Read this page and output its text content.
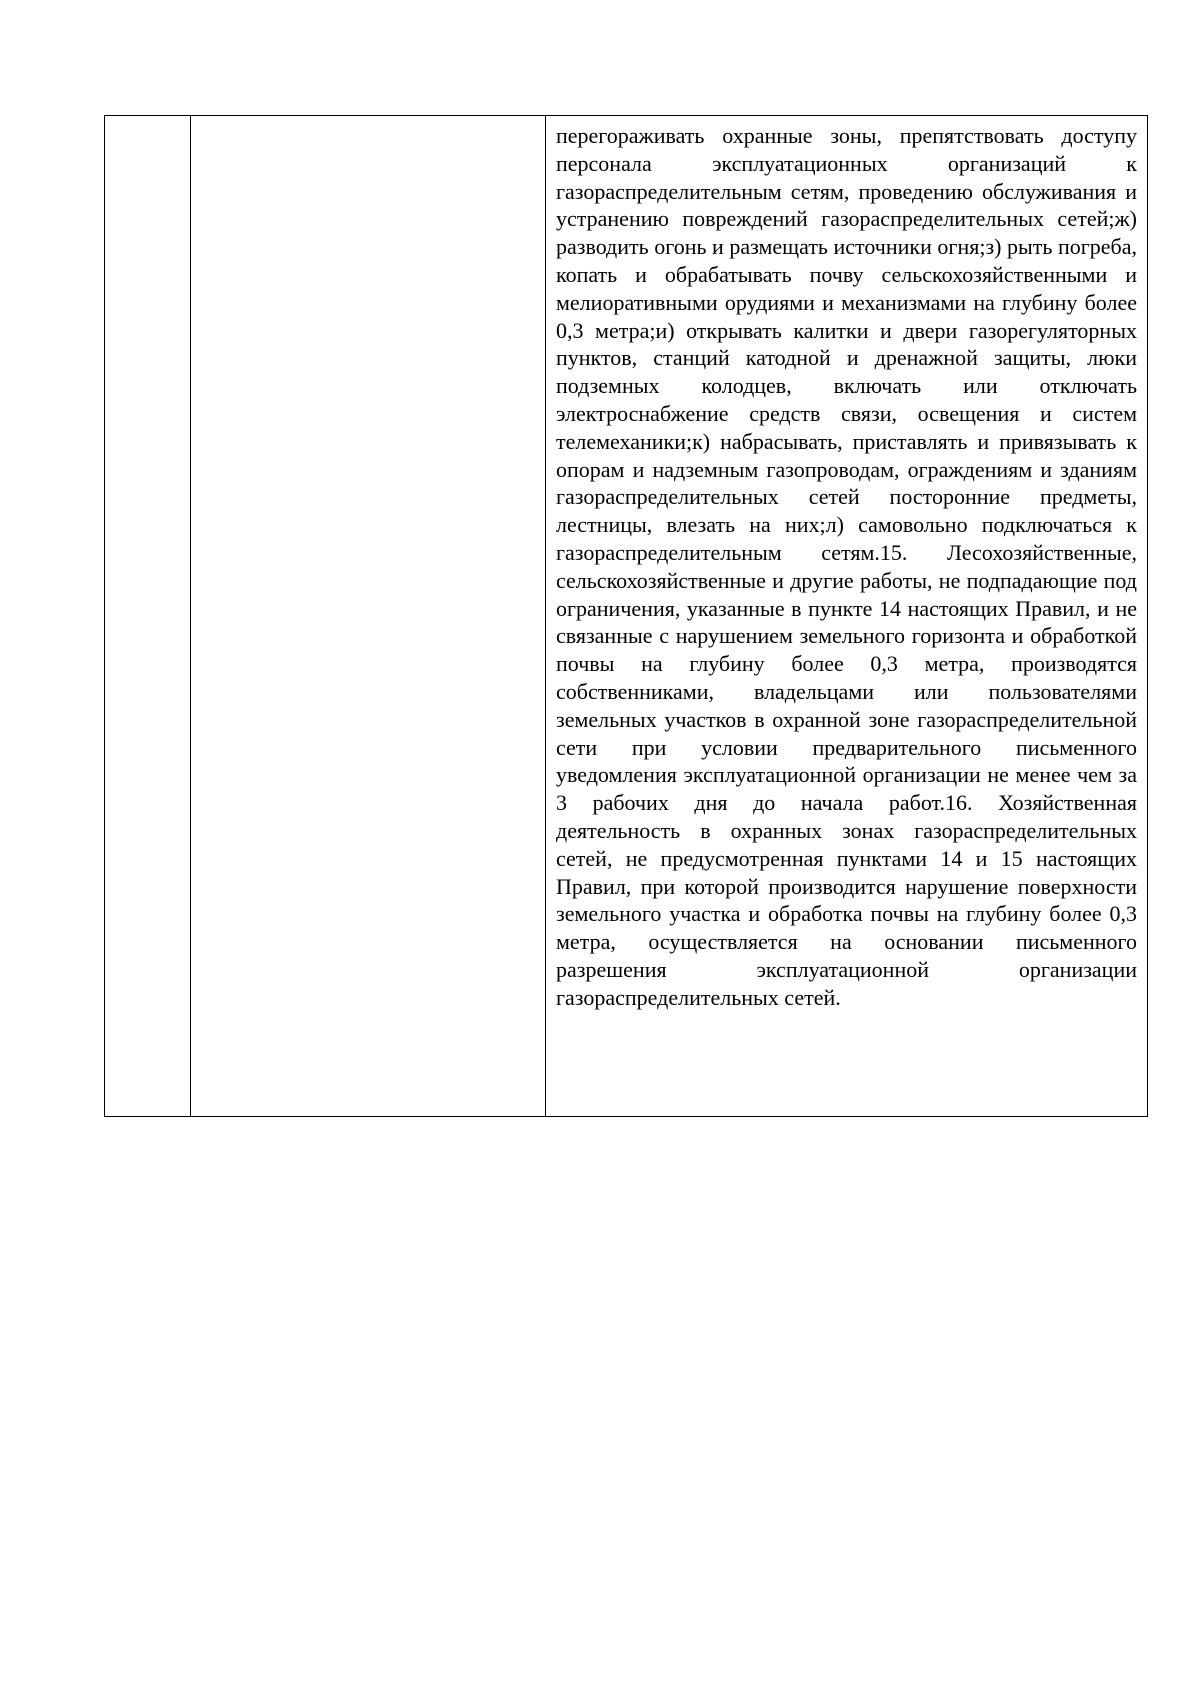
перегораживать охранные зоны, препятствовать доступу персонала эксплуатационных организаций к газораспределительным сетям, проведению обслуживания и устранению повреждений газораспределительных сетей;ж) разводить огонь и размещать источники огня;з) рыть погреба, копать и обрабатывать почву сельскохозяйственными и мелиоративными орудиями и механизмами на глубину более 0,3 метра;и) открывать калитки и двери газорегуляторных пунктов, станций катодной и дренажной защиты, люки подземных колодцев, включать или отключать электроснабжение средств связи, освещения и систем телемеханики;к) набрасывать, приставлять и привязывать к опорам и надземным газопроводам, ограждениям и зданиям газораспределительных сетей посторонние предметы, лестницы, влезать на них;л) самовольно подключаться к газораспределительным сетям.15. Лесохозяйственные, сельскохозяйственные и другие работы, не подпадающие под ограничения, указанные в пункте 14 настоящих Правил, и не связанные с нарушением земельного горизонта и обработкой почвы на глубину более 0,3 метра, производятся собственниками, владельцами или пользователями земельных участков в охранной зоне газораспределительной сети при условии предварительного письменного уведомления эксплуатационной организации не менее чем за 3 рабочих дня до начала работ.16. Хозяйственная деятельность в охранных зонах газораспределительных сетей, не предусмотренная пунктами 14 и 15 настоящих Правил, при которой производится нарушение поверхности земельного участка и обработка почвы на глубину более 0,3 метра, осуществляется на основании письменного разрешения эксплуатационной организации газораспределительных сетей.
